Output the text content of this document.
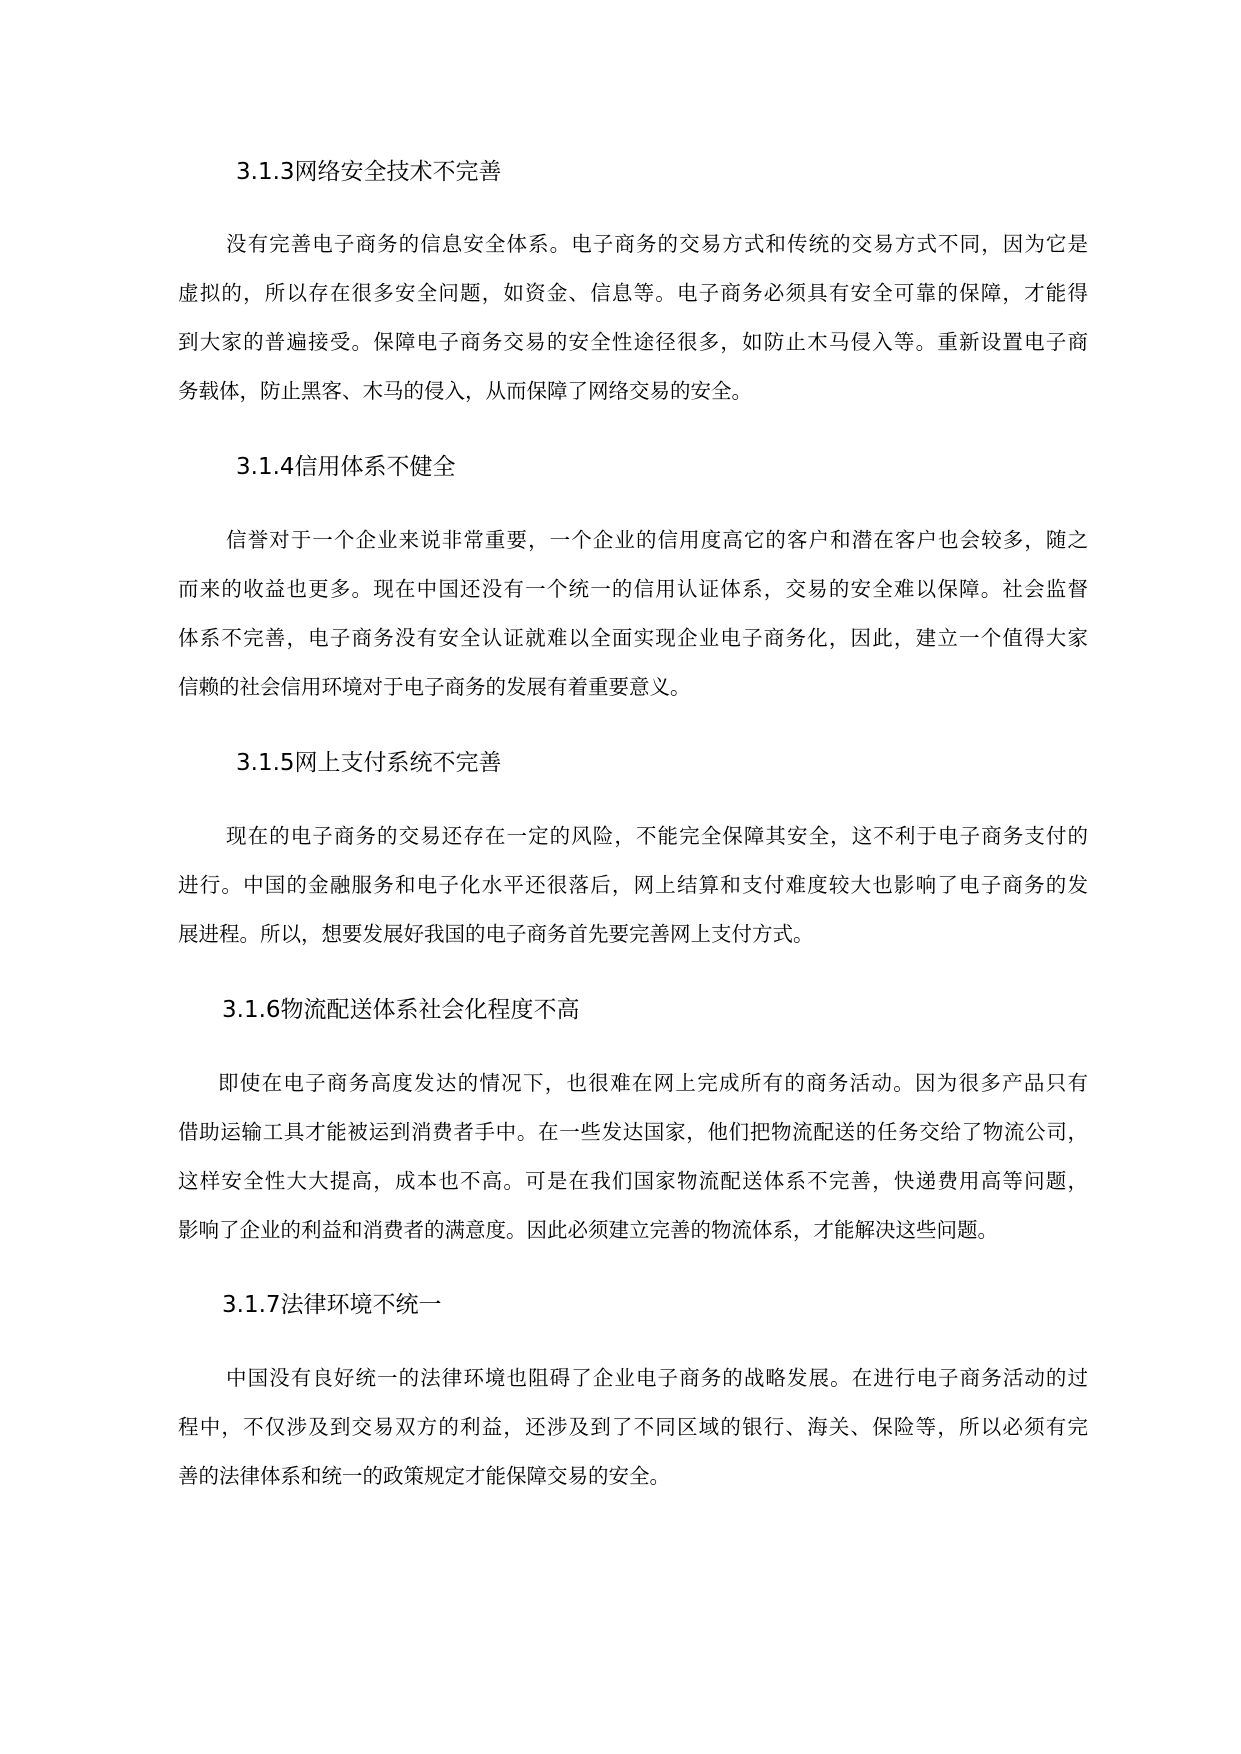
3.1.3网络安全技术不完善
没有完善电子商务的信息安全体系。电子商务的交易方式和传统的交易方式不同，因为它是
虚拟的，所以存在很多安全问题，如资金、信息等。电子商务必须具有安全可靠的保障，才能得
到大家的普遍接受。保障电子商务交易的安全性途径很多，如防止木马侵入等。重新设置电子商
务载体，防止黑客、木马的侵入，从而保障了网络交易的安全。
3.1.4信用体系不健全
信誉对于一个企业来说非常重要，一个企业的信用度高它的客户和潜在客户也会较多，随之
而来的收益也更多。现在中国还没有一个统一的信用认证体系，交易的安全难以保障。社会监督
体系不完善，电子商务没有安全认证就难以全面实现企业电子商务化，因此，建立一个值得大家
信赖的社会信用环境对于电子商务的发展有着重要意义。
3.1.5网上支付系统不完善
现在的电子商务的交易还存在一定的风险，不能完全保障其安全，这不利于电子商务支付的
进行。中国的金融服务和电子化水平还很落后，网上结算和支付难度较大也影响了电子商务的发
展进程。所以，想要发展好我国的电子商务首先要完善网上支付方式。
3.1.6物流配送体系社会化程度不高
即使在电子商务高度发达的情况下，也很难在网上完成所有的商务活动。因为很多产品只有
借助运输工具才能被运到消费者手中。在一些发达国家，他们把物流配送的任务交给了物流公司，
这样安全性大大提高，成本也不高。可是在我们国家物流配送体系不完善，快递费用高等问题，
影响了企业的利益和消费者的满意度。因此必须建立完善的物流体系，才能解决这些问题。
3.1.7法律环境不统一
中国没有良好统一的法律环境也阻碍了企业电子商务的战略发展。在进行电子商务活动的过
程中，不仅涉及到交易双方的利益，还涉及到了不同区域的银行、海关、保险等，所以必须有完
善的法律体系和统一的政策规定才能保障交易的安全。
